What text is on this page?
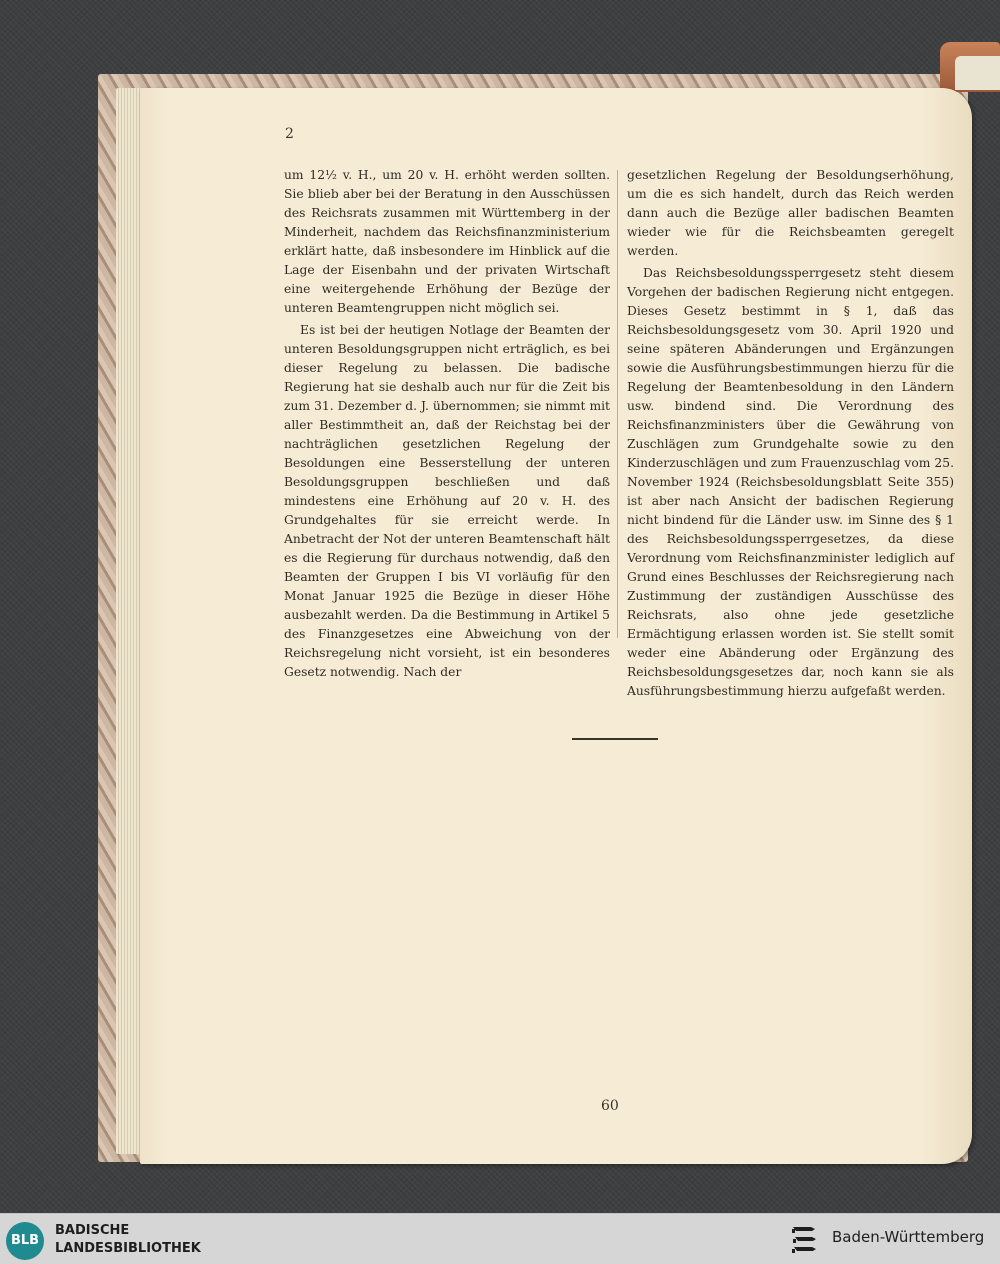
2

um 12½ v. H., um 20 v. H. erhöht werden sollten. Sie blieb aber bei der Beratung in den Ausschüssen des Reichsrats zusammen mit Württemberg in der Minderheit, nachdem das Reichsfinanzministerium erklärt hatte, daß insbesondere im Hinblick auf die Lage der Eisenbahn und der privaten Wirtschaft eine weitergehende Erhöhung der Bezüge der unteren Beamtengruppen nicht möglich sei.

Es ist bei der heutigen Notlage der Beamten der unteren Besoldungsgruppen nicht erträglich, es bei dieser Regelung zu belassen. Die badische Regierung hat sie deshalb auch nur für die Zeit bis zum 31. Dezember d. J. übernommen; sie nimmt mit aller Bestimmtheit an, daß der Reichstag bei der nachträglichen gesetzlichen Regelung der Besoldungen eine Besserstellung der unteren Besoldungsgruppen beschließen und daß mindestens eine Erhöhung auf 20 v. H. des Grundgehaltes für sie erreicht werde. In Anbetracht der Not der unteren Beamtenschaft hält es die Regierung für durchaus notwendig, daß den Beamten der Gruppen I bis VI vorläufig für den Monat Januar 1925 die Bezüge in dieser Höhe ausbezahlt werden. Da die Bestimmung in Artikel 5 des Finanzgesetzes eine Abweichung von der Reichsregelung nicht vorsieht, ist ein besonderes Gesetz notwendig. Nach der

gesetzlichen Regelung der Besoldungserhöhung, um die es sich handelt, durch das Reich werden dann auch die Bezüge aller badischen Beamten wieder wie für die Reichsbeamten geregelt werden.

Das Reichsbesoldungssperrgesetz steht diesem Vorgehen der badischen Regierung nicht entgegen. Dieses Gesetz bestimmt in § 1, daß das Reichsbesoldungsgesetz vom 30. April 1920 und seine späteren Abänderungen und Ergänzungen sowie die Ausführungsbestimmungen hierzu für die Regelung der Beamtenbesoldung in den Ländern usw. bindend sind. Die Verordnung des Reichsfinanzministers über die Gewährung von Zuschlägen zum Grundgehalte sowie zu den Kinderzuschlägen und zum Frauenzuschlag vom 25. November 1924 (Reichsbesoldungsblatt Seite 355) ist aber nach Ansicht der badischen Regierung nicht bindend für die Länder usw. im Sinne des § 1 des Reichsbesoldungssperrgesetzes, da diese Verordnung vom Reichsfinanzminister lediglich auf Grund eines Beschlusses der Reichsregierung nach Zustimmung der zuständigen Ausschüsse des Reichsrats, also ohne jede gesetzliche Ermächtigung erlassen worden ist. Sie stellt somit weder eine Abänderung oder Ergänzung des Reichsbesoldungsgesetzes dar, noch kann sie als Ausführungsbestimmung hierzu aufgefaßt werden.

60
BLB
BADISCHE
LANDESBIBLIOTHEK
Baden-Württemberg
